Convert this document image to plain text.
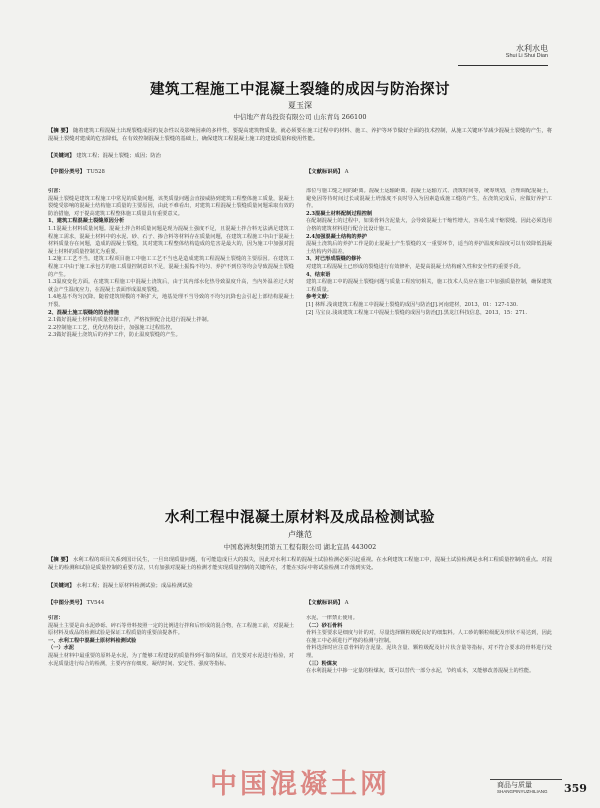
水利水电
Shui Li Shui Dian
建筑工程施工中混凝土裂缝的成因与防治探讨
夏玉深
中信地产青岛投资有限公司 山东青岛 266100
【摘 要】 随着建筑工程混凝土出现裂缝成因的复杂性以及影响因素的多样性，要提高建筑物质量，就必须要在施工过程中的材料、施工、养护等环节做好全面的技术控制，从施工关键环节减少混凝土裂缝的产生，将混凝土裂缝对建成的危害降低，在有效控制混凝土裂缝的基础上，确保建筑工程混凝土施工的建设质量和使用性能。
【关键词】 建筑工程；混凝土裂缝；成因；防治
【中图分类号】 TU528	【文献标识码】 A
引言：
混凝土裂缝是建筑工程施工中常见的质量问题，该类质量问题会直接威胁到建筑工程整体施工质量，混凝土裂缝受影响的混凝土结构施工质量的主要原因，由此不难看出，对建筑工程混凝土裂缝质量问题采取有效的防治措施，对于提高建筑工程整体施工质量具有重要意义。
1、建筑工程混凝土裂缝原因分析
1.1混凝土材料质量问题。混凝土拌合料质量问题是现为混凝土强度不足，且混凝土拌合料无法满足建筑工程施工需求，混凝土材料中的水泥、砂、石子、掺合料等材料存在质量问题，在建筑工程施工中由于混凝土材料质量存在问题，造成的混凝土裂缝，其对建筑工程整体结构造成的危害是最大的，因为施工中加强对混凝土材料的质量控制尤为重要。
1.2施工工艺不当。建筑工程项目施工中施工工艺不当也是造成建筑工程混凝土裂缝的主要原因。在建筑工程施工中由于施工承包方的施工质量控制意识不足，混凝土振捣不均匀、养护不到位等均会导致混凝土裂缝的产生。
1.3温度变化方面。在建筑工程施工中混凝土浇筑后，由于其内部水化热导致温度升高，当内外温差过大时就会产生温度应力，在混凝土表面形成温度裂缝。
1.4地基不均匀沉降。随着建筑规模的不断扩大，地基处理不当导致的不均匀沉降也会引起上部结构混凝土开裂。
2、混凝土施工裂缝的防治措施
2.1做好混凝土材料的质量控制工作，严格按照配合比进行混凝土拌制。
2.2控制施工工艺，优化结构设计，加强施工过程监控。
2.3做好混凝土浇筑后的养护工作，防止温度裂缝的产生。
部位与施工缝之间的距离。混凝土运输距离、混凝土运输方式、浇筑时间等，统筹规划，合理调配混凝土，避免因等待时间过长或混凝土坍落度不良时导入为因素造成施工缝的产生，在浇筑完成后，应做好养护工作。
2.3混凝土材料配制过程控制
在配制混凝土的过程中，如果骨料含泥量大，会导致混凝土干缩性增大，容易生成干缩裂缝。因此必须选用合格的建筑材料进行配合比设计施工。
2.4加强混凝土结构的养护
混凝土浇筑后的养护工作是防止混凝土产生裂缝的又一重要环节，适当的养护温度和湿度可以有效降低混凝土结构内外温差。
3、对已形成裂缝的修补
对建筑工程混凝土已形成的裂缝进行有效修补，是提高混凝土结构耐久性和安全性的重要手段。
4、结束语
建筑工程施工中的混凝土裂缝问题与质量工程密切相关，施工技术人员应在施工中加强质量控制，确保建筑工程质量。
参考文献：
[1] 林辉.浅谈建筑工程施工中混凝土裂缝的成因与防治[J].河南建材，2013，01：127-130.
[2] 马宝良.浅谈建筑工程施工中混凝土裂缝的成因与防治[J].黑龙江科技信息，2013，15：271.
水利工程中混凝土原材料及成品检测试验
卢继范
中国葛洲坝集团第五工程有限公司 湖北宜昌 443002
【摘 要】 水利工程的项目关系到国计民生，一旦出现质量问题，有可能造成巨大的损失，因此对水利工程的混凝土试验检测必须引起重视。在水利建筑工程施工中，混凝土试验检测是水利工程质量控制的重点。对混凝土的检测和试验是质量控制的重要方法，只有加强对混凝土的检测才能实现质量控制的关键所在，才能在实际中将试验检测工作落到实处。
【关键词】 水利工程；混凝土原材料检测试验；成品检测试验
【中图分类号】 TV544	【文献标识码】 A
引言：
混凝土主要是由水泥砂砾、碎石等骨料按照一定的比例进行拌和后形成的混合物，在工程施工前，对混凝土原材料及成品的检测试验是保证工程质量的重要前提条件。
一、水利工程中混凝土原材料检测试验
（一）水泥
混凝土材料中最重要的原料是水泥，为了能够工程建设的质量得到可靠的保证，首先要对水泥进行检验，对水泥质量进行综合的检测，主要内容有细度、凝结时间、安定性、强度等指标。
水泥，一律禁止使用。
（二）砂石骨料
骨料主要要求是细度与针的对，尽量选择颗粒级配良好的细集料。人工砂的颗粒级配及形状不易达到，因此在施工中必须进行严格的检测与控制。
骨料选择时应注意骨料的含泥量、泥块含量、颗粒级配及针片状含量等指标，对不符合要求的骨料进行处理。
（三）粉煤灰
在水利混凝土中掺一定量的粉煤灰，既可以替代一部分水泥，节约成本，又能够改善混凝土的性能。
中国混凝土网	商品与质量
SHANGPINYUZHILIANG 359
